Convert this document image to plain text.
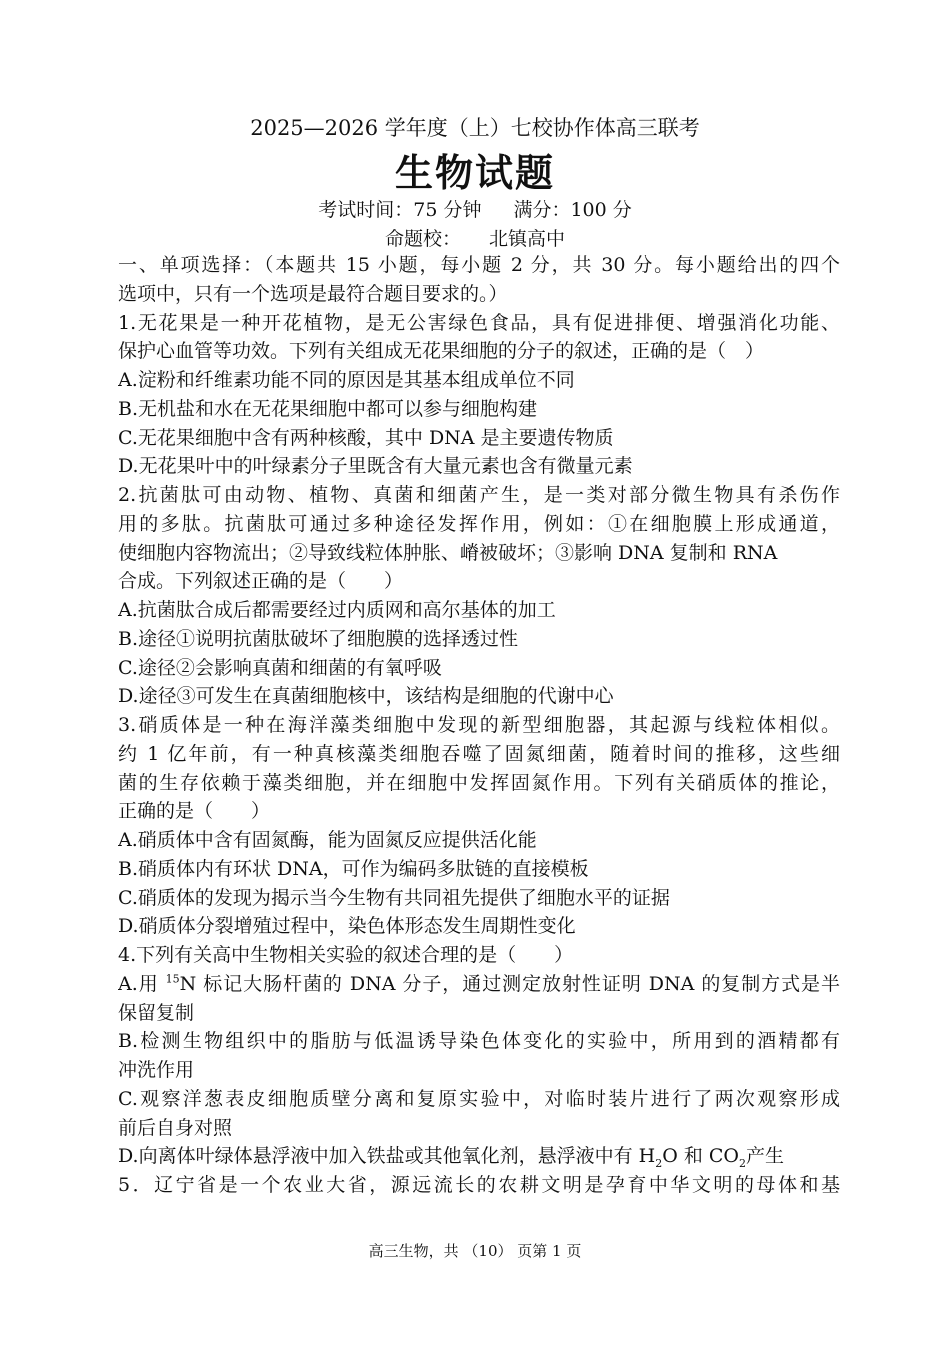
2025—2026 学年度（上）七校协作体高三联考
生物试题
考试时间：75 分钟 满分：100 分
命题校： 北镇高中
一、单项选择：（本题共 15 小题，每小题 2 分，共 30 分。每小题给出的四个
选项中，只有一个选项是最符合题目要求的。）
1.无花果是一种开花植物，是无公害绿色食品，具有促进排便、增强消化功能、
保护心血管等功效。下列有关组成无花果细胞的分子的叙述，正确的是（　）
A.淀粉和纤维素功能不同的原因是其基本组成单位不同
B.无机盐和水在无花果细胞中都可以参与细胞构建
C.无花果细胞中含有两种核酸，其中 DNA 是主要遗传物质
D.无花果叶中的叶绿素分子里既含有大量元素也含有微量元素
2.抗菌肽可由动物、植物、真菌和细菌产生，是一类对部分微生物具有杀伤作
用的多肽。抗菌肽可通过多种途径发挥作用，例如：①在细胞膜上形成通道，
使细胞内容物流出；②导致线粒体肿胀、嵴被破坏；③影响 DNA 复制和 RNA
合成。下列叙述正确的是（　　）
A.抗菌肽合成后都需要经过内质网和高尔基体的加工
B.途径①说明抗菌肽破坏了细胞膜的选择透过性
C.途径②会影响真菌和细菌的有氧呼吸
D.途径③可发生在真菌细胞核中，该结构是细胞的代谢中心
3.硝质体是一种在海洋藻类细胞中发现的新型细胞器，其起源与线粒体相似。
约 1 亿年前，有一种真核藻类细胞吞噬了固氮细菌，随着时间的推移，这些细
菌的生存依赖于藻类细胞，并在细胞中发挥固氮作用。下列有关硝质体的推论，
正确的是（　　）
A.硝质体中含有固氮酶，能为固氮反应提供活化能
B.硝质体内有环状 DNA，可作为编码多肽链的直接模板
C.硝质体的发现为揭示当今生物有共同祖先提供了细胞水平的证据
D.硝质体分裂增殖过程中，染色体形态发生周期性变化
4.下列有关高中生物相关实验的叙述合理的是（　　）
A.用 $^{15}$N 标记大肠杆菌的 DNA 分子，通过测定放射性证明 DNA 的复制方式是半
保留复制
B.检测生物组织中的脂肪与低温诱导染色体变化的实验中，所用到的酒精都有
冲洗作用
C.观察洋葱表皮细胞质壁分离和复原实验中，对临时装片进行了两次观察形成
前后自身对照
D.向离体叶绿体悬浮液中加入铁盐或其他氧化剂，悬浮液中有 $H_2O$ 和 $CO_2$产生
5．辽宁省是一个农业大省，源远流长的农耕文明是孕育中华文明的母体和基
高三生物，共 （10） 页第 1 页
